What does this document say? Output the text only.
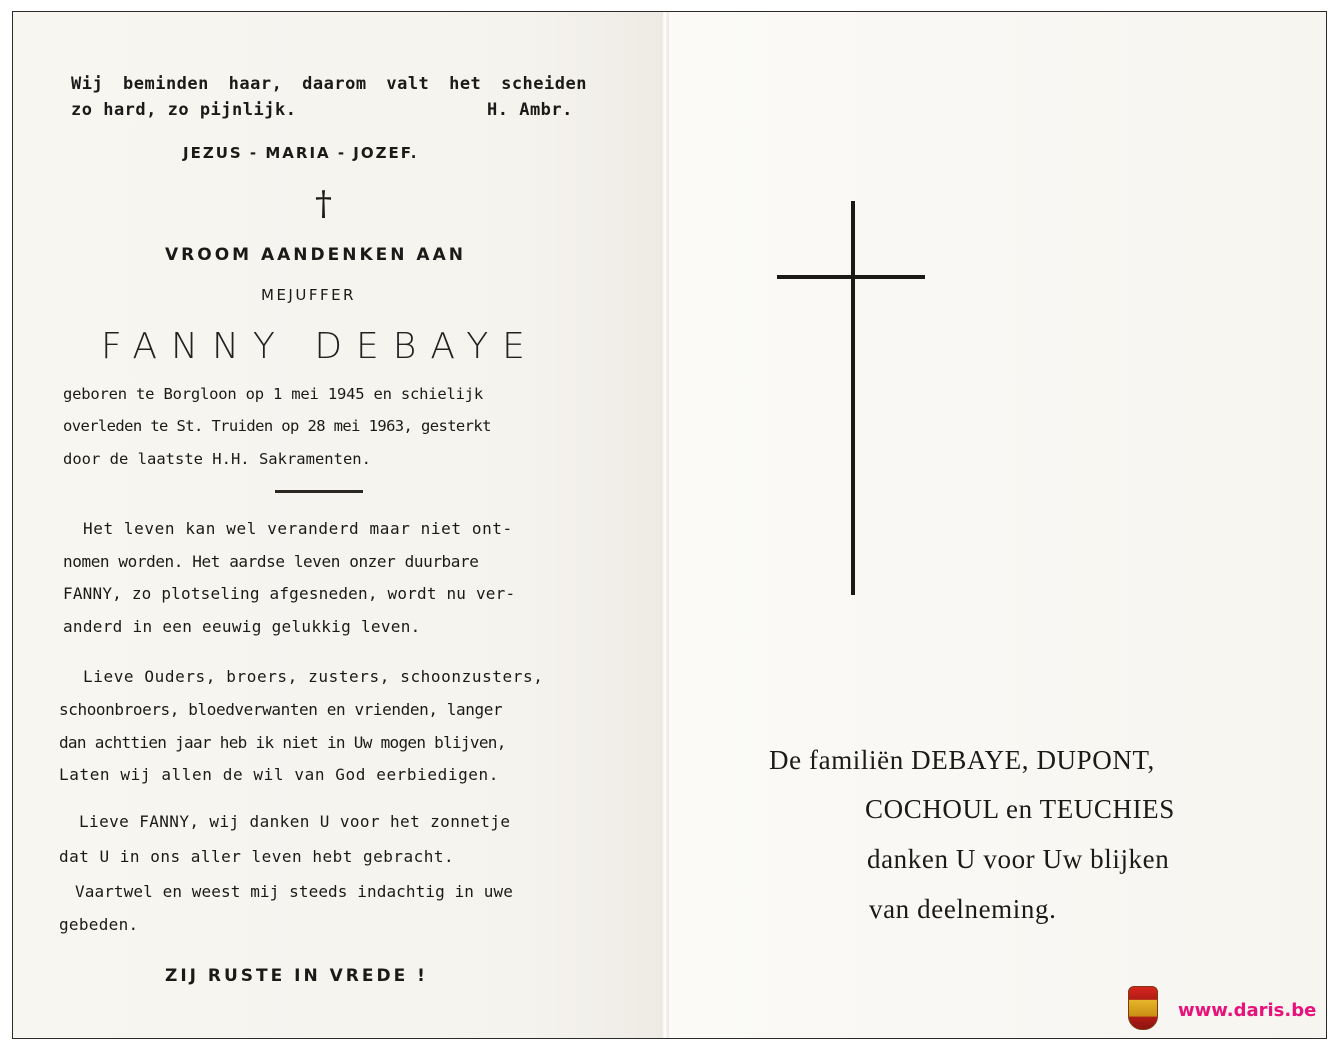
Wij beminden haar, daarom valt het scheiden
zo hard, zo pijnlijk.	H. Ambr.
JEZUS - MARIA - JOZEF.
†
VROOM AANDENKEN AAN
MEJUFFER
FANNY DEBAYE
geboren te Borgloon op 1 mei 1945 en schielijk
overleden te St. Truiden op 28 mei 1963, gesterkt
door de laatste H.H. Sakramenten.
Het leven kan wel veranderd maar niet ont-
nomen worden. Het aardse leven onzer duurbare
FANNY, zo plotseling afgesneden, wordt nu ver-
anderd in een eeuwig gelukkig leven.
Lieve Ouders, broers, zusters, schoonzusters,
schoonbroers, bloedverwanten en vrienden, langer
dan achttien jaar heb ik niet in Uw mogen blijven,
Laten wij allen de wil van God eerbiedigen.
Lieve FANNY, wij danken U voor het zonnetje
dat U in ons aller leven hebt gebracht.
Vaartwel en weest mij steeds indachtig in uwe
gebeden.
ZIJ RUSTE IN VREDE !
De familiën DEBAYE, DUPONT,
COCHOUL en TEUCHIES
danken U voor Uw blijken
van deelneming.
www.daris.be
